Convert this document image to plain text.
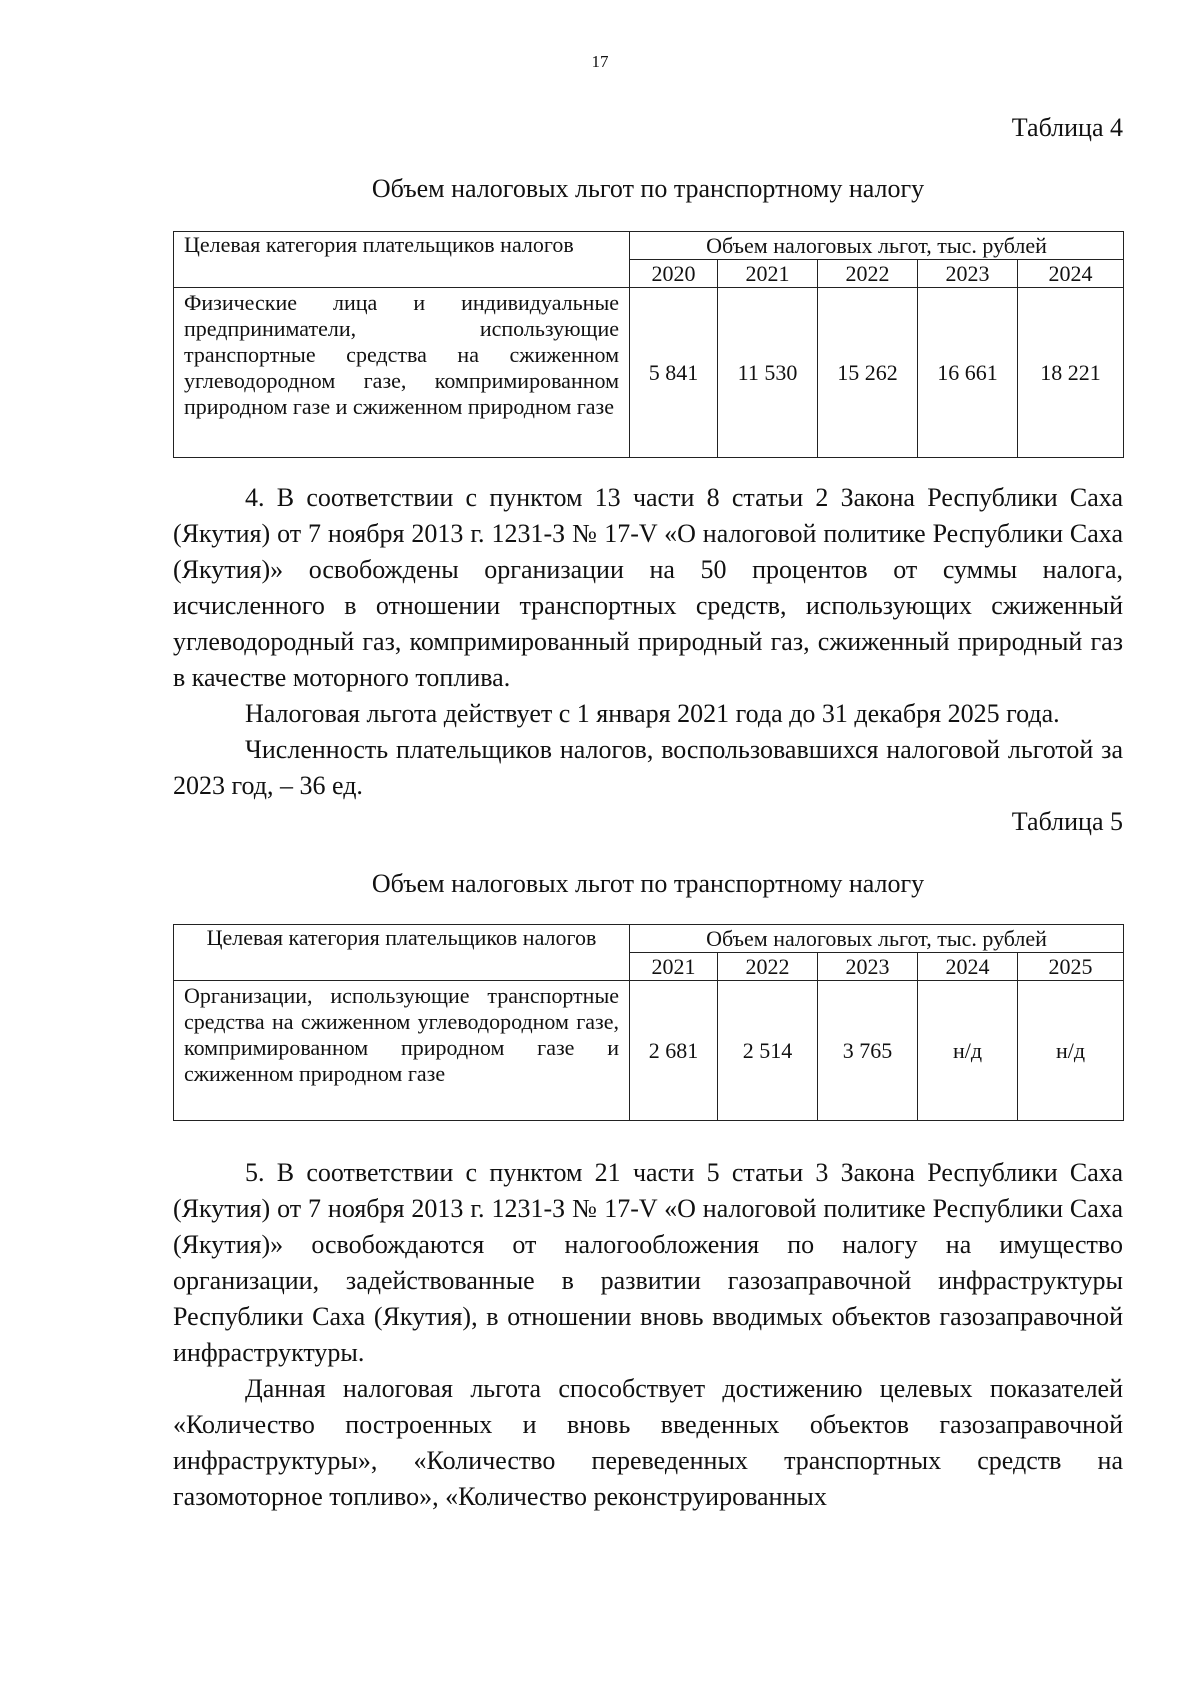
17
Таблица 4
Объем налоговых льгот по транспортному налогу
Целевая категория плательщиков налогов	Объем налоговых льгот, тыс. рублей				
	2020	2021	2022	2023	2024
Физические лица и индивидуальные предприниматели, использующие транспортные средства на сжиженном углеводородном газе, компримированном природном газе и сжиженном природном газе	5 841	11 530	15 262	16 661	18 221

4. В соответствии с пунктом 13 части 8 статьи 2 Закона Республики Саха (Якутия) от 7 ноября 2013 г. 1231-З № 17-V «О налоговой политике Республики Саха (Якутия)» освобождены организации на 50 процентов от суммы налога, исчисленного в отношении транспортных средств, использующих сжиженный углеводородный газ, компримированный природный газ, сжиженный природный газ в качестве моторного топлива.

Налоговая льгота действует с 1 января 2021 года до 31 декабря 2025 года.

Численность плательщиков налогов, воспользовавшихся налоговой льготой за 2023 год, – 36 ед.

Таблица 5
Объем налоговых льгот по транспортному налогу
Целевая категория плательщиков налогов	Объем налоговых льгот, тыс. рублей				
	2021	2022	2023	2024	2025
Организации, использующие транспортные средства на сжиженном углеводородном газе, компримированном природном газе и сжиженном природном газе	2 681	2 514	3 765	н/д	н/д

5. В соответствии с пунктом 21 части 5 статьи 3 Закона Республики Саха (Якутия) от 7 ноября 2013 г. 1231-З № 17-V «О налоговой политике Республики Саха (Якутия)» освобождаются от налогообложения по налогу на имущество организации, задействованные в развитии газозаправочной инфраструктуры Республики Саха (Якутия), в отношении вновь вводимых объектов газозаправочной инфраструктуры.

Данная налоговая льгота способствует достижению целевых показателей «Количество построенных и вновь введенных объектов газозаправочной инфраструктуры», «Количество переведенных транспортных средств на газомоторное топливо», «Количество реконструированных
